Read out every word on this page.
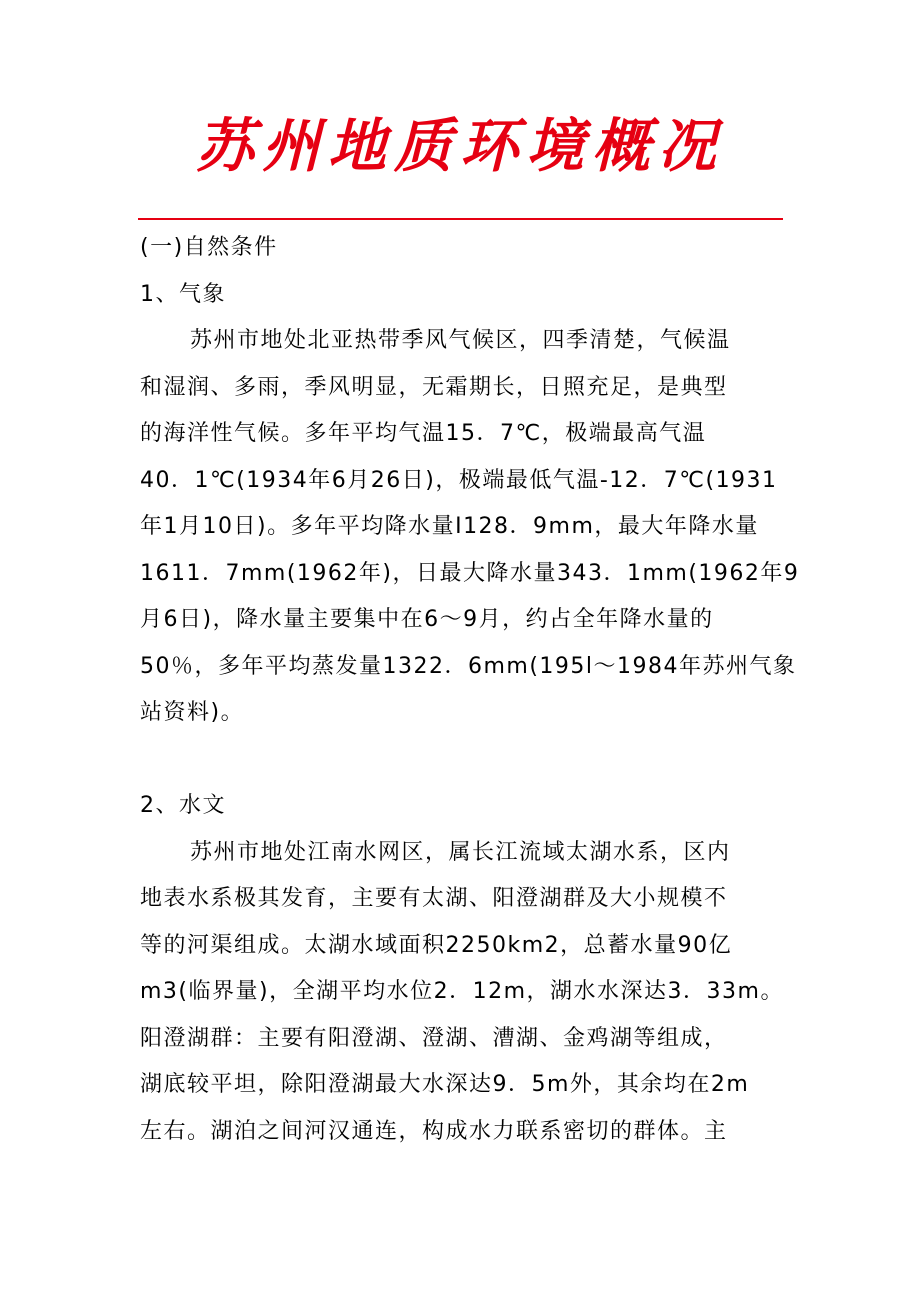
苏州地质环境概况
(一)自然条件
1、气象
苏州市地处北亚热带季风气候区，四季清楚，气候温
和湿润、多雨，季风明显，无霜期长，日照充足，是典型
的海洋性气候。多年平均气温15．7℃，极端最高气温
40．1℃(1934年6月26日)，极端最低气温-12．7℃(1931
年1月10日)。多年平均降水量I128．9mm，最大年降水量
1611．7mm(1962年)，日最大降水量343．1mm(1962年9
月6日)，降水量主要集中在6～9月，约占全年降水量的
50％，多年平均蒸发量1322．6mm(195l～1984年苏州气象
站资料)。
2、水文
苏州市地处江南水网区，属长江流域太湖水系，区内
地表水系极其发育，主要有太湖、阳澄湖群及大小规模不
等的河渠组成。太湖水域面积2250km2，总蓄水量90亿
m3(临界量)，全湖平均水位2．12m，湖水水深达3．33m。
阳澄湖群：主要有阳澄湖、澄湖、漕湖、金鸡湖等组成，
湖底较平坦，除阳澄湖最大水深达9．5m外，其余均在2m
左右。湖泊之间河汉通连，构成水力联系密切的群体。主
